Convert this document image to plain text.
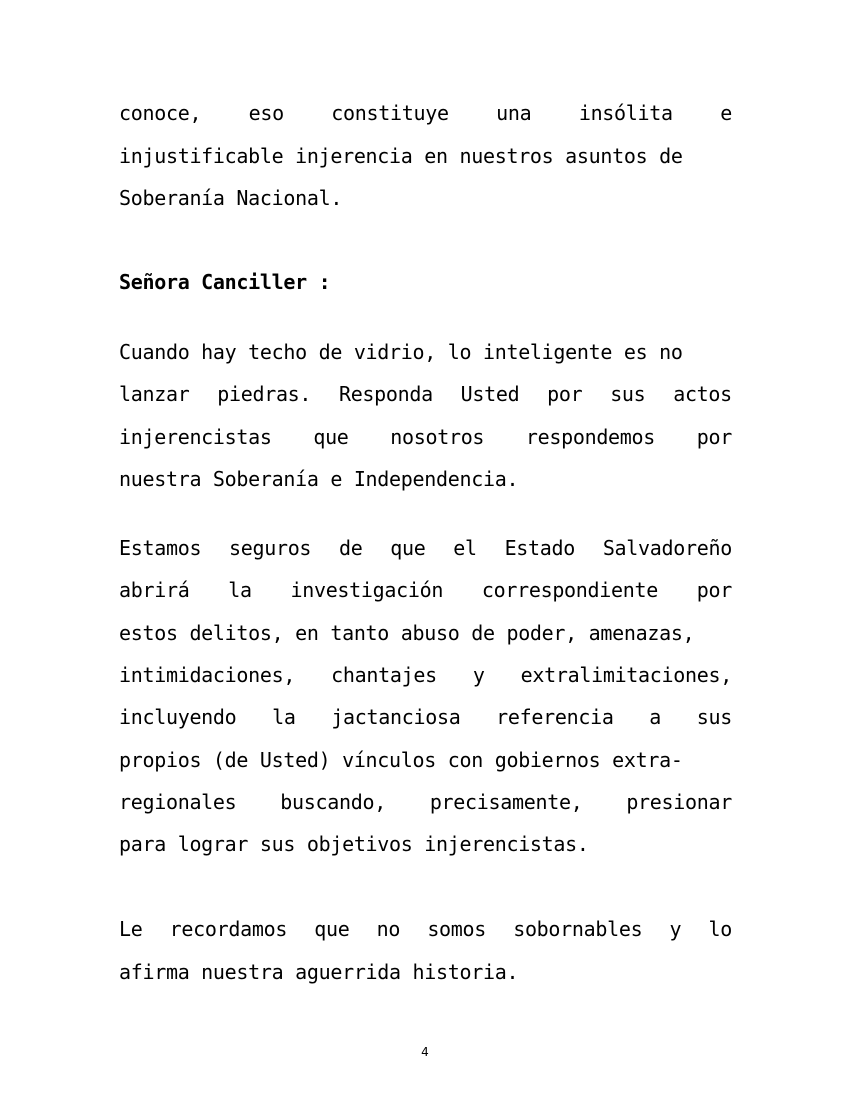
conoce, eso constituye una insólita e
injustificable injerencia en nuestros asuntos de
Soberanía Nacional.
Señora Canciller :
Cuando hay techo de vidrio, lo inteligente es no
lanzar piedras. Responda Usted por sus actos
injerencistas que nosotros respondemos por
nuestra Soberanía e Independencia.
Estamos seguros de que el Estado Salvadoreño
abrirá la investigación correspondiente por
estos delitos, en tanto abuso de poder, amenazas,
intimidaciones, chantajes y extralimitaciones,
incluyendo la jactanciosa referencia a sus
propios (de Usted) vínculos con gobiernos extra-
regionales buscando, precisamente, presionar
para lograr sus objetivos injerencistas.
Le recordamos que no somos sobornables y lo
afirma nuestra aguerrida historia.
4
